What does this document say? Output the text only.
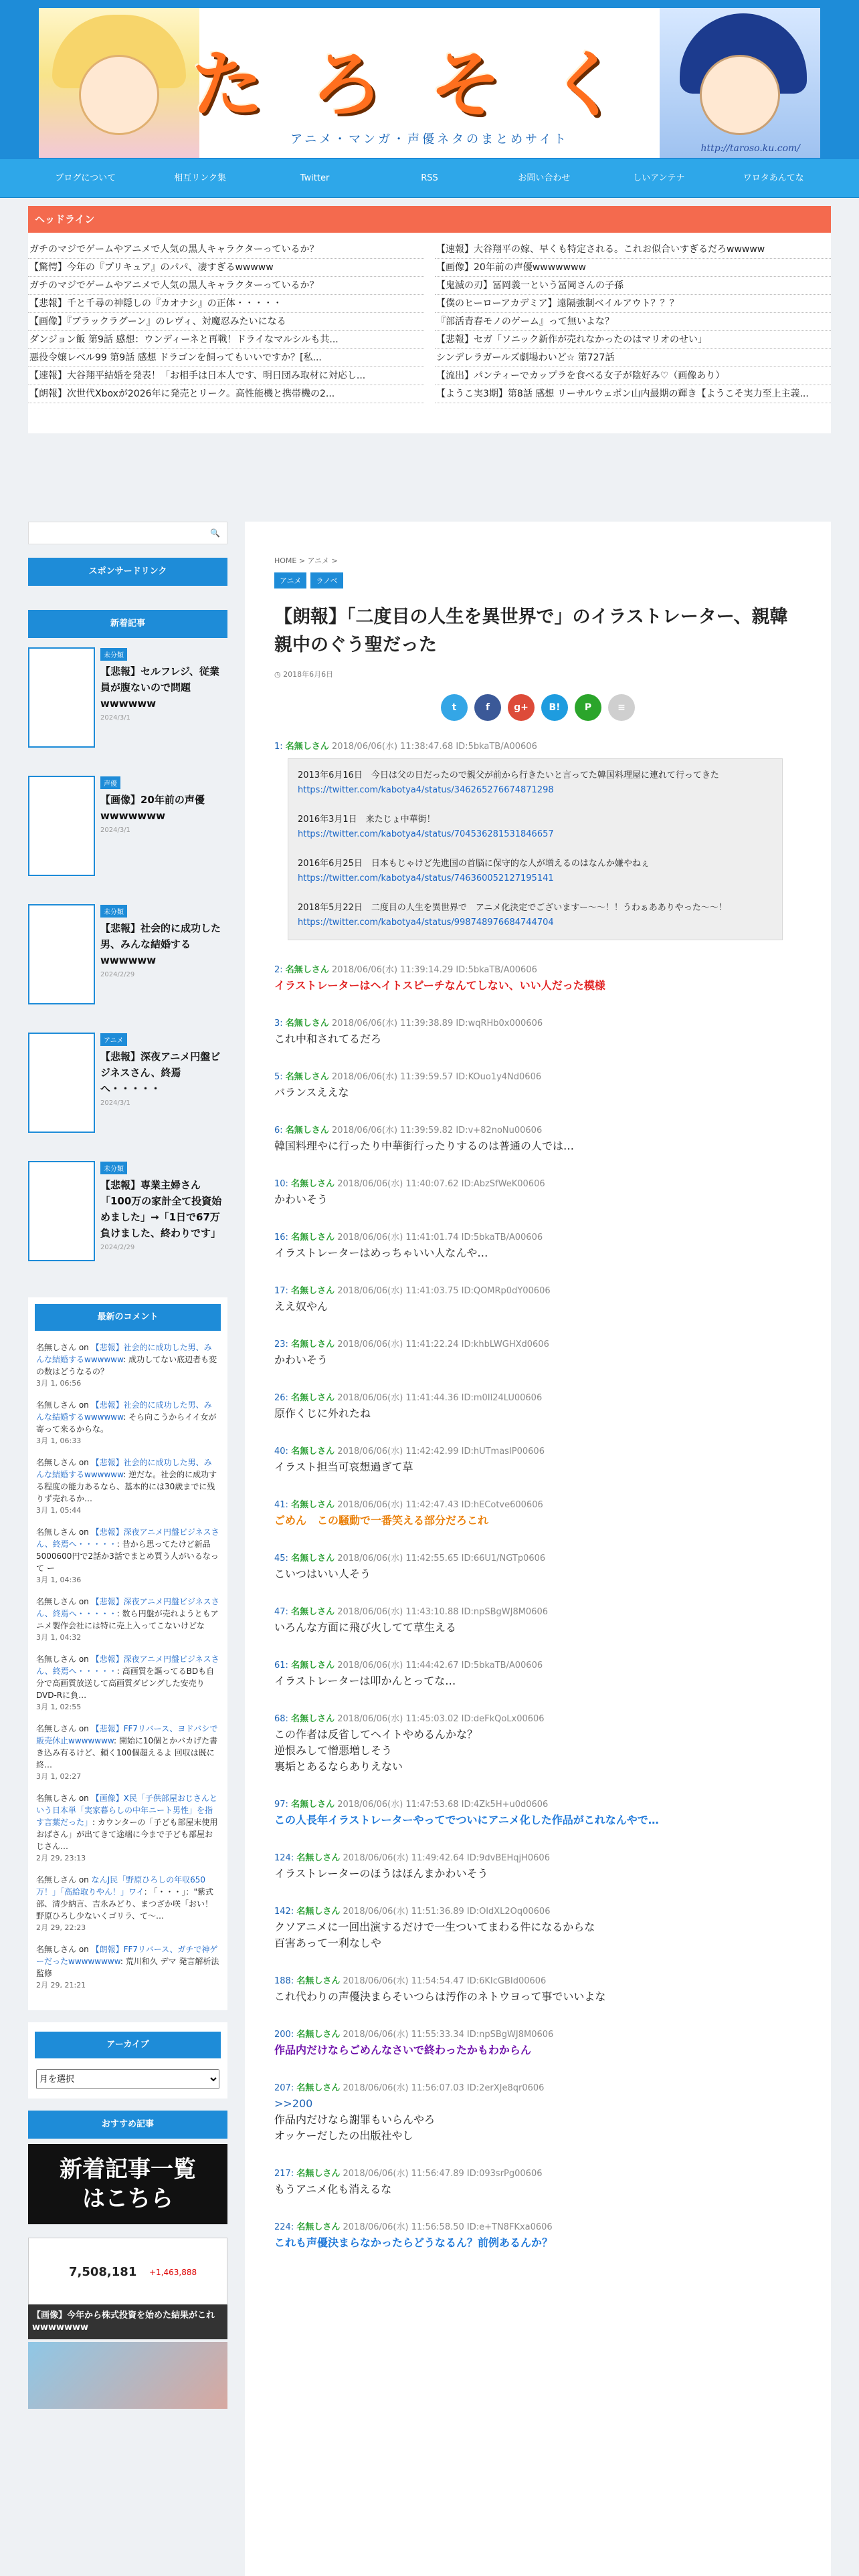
たろそく
アニメ・マンガ・声優ネタのまとめサイト
http://taroso.ku.com/
ブログについて	相互リンク集	Twitter	RSS	お問い合わせ	しいアンテナ	ワロタあんてな
ヘッドライン
ガチのマジでゲームやアニメで人気の黒人キャラクターっているか？	【速報】大谷翔平の嫁、早くも特定される。これお似合いすぎるだろwwwww
【驚愕】今年の『プリキュア』のパパ、凄すぎるwwwww	【画像】20年前の声優wwwwwww
ガチのマジでゲームやアニメで人気の黒人キャラクターっているか？	【鬼滅の刃】冨岡義一という冨岡さんの子孫
【悲報】千と千尋の神隠しの『カオナシ』の正体・・・・・	【僕のヒーローアカデミア】遠隔強制ベイルアウト？？？
【画像】『ブラックラグーン』のレヴィ、対魔忍みたいになる	『部活青春モノのゲーム』って無いよな？
ダンジョン飯 第9話 感想：ウンディーネと再戦！ドライなマルシルも共...	【悲報】セガ「ソニック新作が売れなかったのはマリオのせい」
悪役令嬢レベル99 第9話 感想 ドラゴンを飼ってもいいですか？[私...	シンデレラガールズ劇場わいど☆ 第727話
【速報】大谷翔平結婚を発表！「お相手は日本人です、明日団み取材に対応し...	【流出】パンティーでカップラを食べる女子が陰好み♡（画像あり）
【朗報】次世代Xboxが2026年に発売とリーク。高性能機と携帯機の2...	【ようこ実3期】第8話 感想 リーサルウェポン山内最期の輝き【ようこそ実力至上主義...
🔍
スポンサードリンク
新着記事
未分類
【悲報】セルフレジ、従業員が腹ないので問題wwwwww
2024/3/1
声優
【画像】20年前の声優wwwwwww
2024/3/1
未分類
【悲報】社会的に成功した男、みんな結婚するwwwwww
2024/2/29
アニメ
【悲報】深夜アニメ円盤ビジネスさん、終焉へ・・・・・
2024/3/1
未分類
【悲報】専業主婦さん「100万の家計全て投資始めました」→「1日で67万負けました、終わりです」
2024/2/29
最新のコメント
名無しさん on 【悲報】社会的に成功した男、みんな結婚するwwwwww: 成功してない底辺者も変の数はどうなるの？
3月 1, 06:56
名無しさん on 【悲報】社会的に成功した男、みんな結婚するwwwwww: そら向こうからイイ女が寄って来るからな。
3月 1, 06:33
名無しさん on 【悲報】社会的に成功した男、みんな結婚するwwwwww: 逆だな。社会的に成功する程度の能力あるなら、基本的には30歳までに残りず売れるか…
3月 1, 05:44
名無しさん on 【悲報】深夜アニメ円盤ビジネスさん、終焉へ・・・・・: 昔から思ってたけど新品5000600円で2話か3話でまとめ買う人がいるなって ー
3月 1, 04:36
名無しさん on 【悲報】深夜アニメ円盤ビジネスさん、終焉へ・・・・・: 数ら円盤が売れようともアニメ製作会社には特に売上入ってこないけどな
3月 1, 04:32
名無しさん on 【悲報】深夜アニメ円盤ビジネスさん、終焉へ・・・・・: 高画質を謳ってるBDも自分で高画質放送して高画質ダビングした安売りDVD-Rに負…
3月 1, 02:55
名無しさん on 【悲報】FF7リバース、ヨドバシで販売休止wwwwwww: 開始に10個とかバカげた書き込み有るけど、頼く100個超えるよ 回収は既に終…
3月 1, 02:27
名無しさん on 【画像】X民「子供部屋おじさんという日本単「実家暮らしの中年ニート男性」を指す言葉だった」: カウンターの「子ども部屋末使用おばさん」が出てきて途端に今まで子ども部屋おじさん…
2月 29, 23:13
名無しさん on なんJ民「野原ひろしの年収650万！」「高給取りやん！」ワイ: 「・・・」："紫式部、清少納言、吉永みどり、まつざか咲「おい！野原ひろし少ないくゴリラ、て〜…
2月 29, 22:23
名無しさん on 【朗報】FF7リバース、ガチで神ゲーだったwwwwwwww: 荒川和久 デマ 発言解析法監修
2月 29, 21:21
アーカイブ
月を選択
おすすめ記事
新着記事一覧
はこちら
7,508,181 +1,463,888
【画像】今年から株式投資を始めた結果がこれwwwwwww
HOME > アニメ >
アニメ	ラノベ
【朗報】「二度目の人生を異世界で」のイラストレーター、親韓親中のぐう聖だった
◷ 2018年6月6日
t	f	g+	B!	P	≡
1: 名無しさん 2018/06/06(水) 11:38:47.68 ID:5bkaTB/A00606
2013年6月16日　今日は父の日だったので親父が前から行きたいと言ってた韓国料理屋に連れて行ってきた
https://twitter.com/kabotya4/status/346265276674871298
2016年3月1日　来たじょ中華街！
https://twitter.com/kabotya4/status/704536281531846657
2016年6月25日　日本もじゃけど先進国の首脳に保守的な人が増えるのはなんか嫌やねぇ
https://twitter.com/kabotya4/status/746360052127195141
2018年5月22日　二度目の人生を異世界で　アニメ化決定でございますー〜〜！！うわぁあありやった〜〜！
https://twitter.com/kabotya4/status/998748976684744704
2: 名無しさん 2018/06/06(水) 11:39:14.29 ID:5bkaTB/A00606
イラストレーターはヘイトスピーチなんてしない、いい人だった模様
3: 名無しさん 2018/06/06(水) 11:39:38.89 ID:wqRHb0x000606
これ中和されてるだろ
5: 名無しさん 2018/06/06(水) 11:39:59.57 ID:KOuo1y4Nd0606
バランスええな
6: 名無しさん 2018/06/06(水) 11:39:59.82 ID:v+82noNu00606
韓国料理やに行ったり中華街行ったりするのは普通の人では…
10: 名無しさん 2018/06/06(水) 11:40:07.62 ID:AbzSfWeK00606
かわいそう
16: 名無しさん 2018/06/06(水) 11:41:01.74 ID:5bkaTB/A00606
イラストレーターはめっちゃいい人なんや…
17: 名無しさん 2018/06/06(水) 11:41:03.75 ID:QOMRp0dY00606
ええ奴やん
23: 名無しさん 2018/06/06(水) 11:41:22.24 ID:khbLWGHXd0606
かわいそう
26: 名無しさん 2018/06/06(水) 11:41:44.36 ID:m0Il24LU00606
原作くじに外れたね
40: 名無しさん 2018/06/06(水) 11:42:42.99 ID:hUTmasIP00606
イラスト担当可哀想過ぎて草
41: 名無しさん 2018/06/06(水) 11:42:47.43 ID:hECotve600606
ごめん　この騒動で一番笑える部分だろこれ
45: 名無しさん 2018/06/06(水) 11:42:55.65 ID:66U1/NGTp0606
こいつはいい人そう
47: 名無しさん 2018/06/06(水) 11:43:10.88 ID:npSBgWJ8M0606
いろんな方面に飛び火してて草生える
61: 名無しさん 2018/06/06(水) 11:44:42.67 ID:5bkaTB/A00606
イラストレーターは叩かんとってな…
68: 名無しさん 2018/06/06(水) 11:45:03.02 ID:deFkQoLx00606
この作者は反省してヘイトやめるんかな？
逆恨みして憎悪増しそう
裏垢とあるならありえない
97: 名無しさん 2018/06/06(水) 11:47:53.68 ID:4Zk5H+u0d0606
この人長年イラストレーターやってでついにアニメ化した作品がこれなんやで…
124: 名無しさん 2018/06/06(水) 11:49:42.64 ID:9dvBEHqjH0606
イラストレーターのほうはほんまかわいそう
142: 名無しさん 2018/06/06(水) 11:51:36.89 ID:OldXL2Oq00606
クソアニメに一回出演するだけで一生ついてまわる件になるからな
百害あって一利なしや
188: 名無しさん 2018/06/06(水) 11:54:54.47 ID:6KIcGBId00606
これ代わりの声優決まらそいつらは汚作のネトウヨって事でいいよな
200: 名無しさん 2018/06/06(水) 11:55:33.34 ID:npSBgWJ8M0606
作品内だけならごめんなさいで終わったかもわからん
207: 名無しさん 2018/06/06(水) 11:56:07.03 ID:2erXJe8qr0606
>>200
作品内だけなら謝罪もいらんやろ
オッケーだしたの出版社やし
217: 名無しさん 2018/06/06(水) 11:56:47.89 ID:093srPg00606
もうアニメ化も消えるな
224: 名無しさん 2018/06/06(水) 11:56:58.50 ID:e+TN8FKxa0606
これも声優決まらなかったらどうなるん？前例あるんか？
